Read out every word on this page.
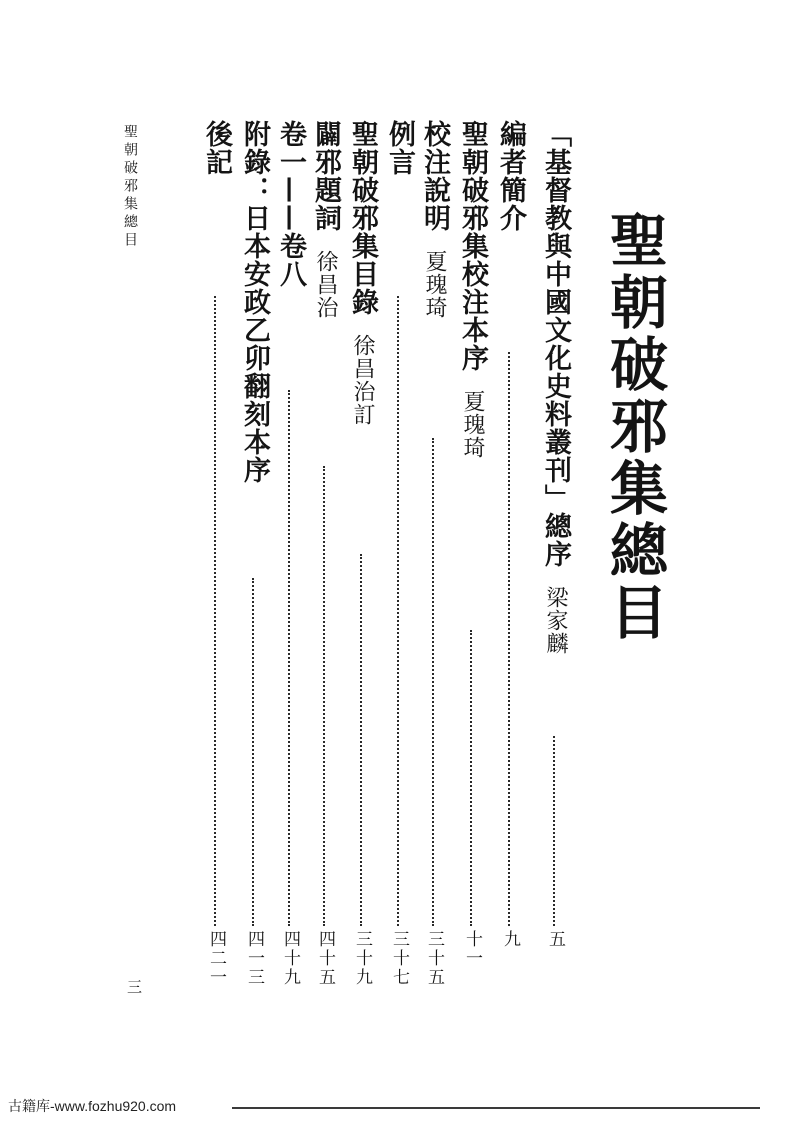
聖朝破邪集總目
「基督教與中國文化史料叢刊」總序梁家麟
五
編者簡介
九
聖朝破邪集校注本序夏瑰琦
十一
校注說明夏瑰琦
三十五
例言
三十七
聖朝破邪集目錄徐昌治訂
三十九
闢邪題詞徐昌治
四十五
卷一——卷八
四十九
附錄：日本安政乙卯翻刻本序
四一三
後記
四二一
聖朝破邪集總目
三
古籍库-www.fozhu920.com
